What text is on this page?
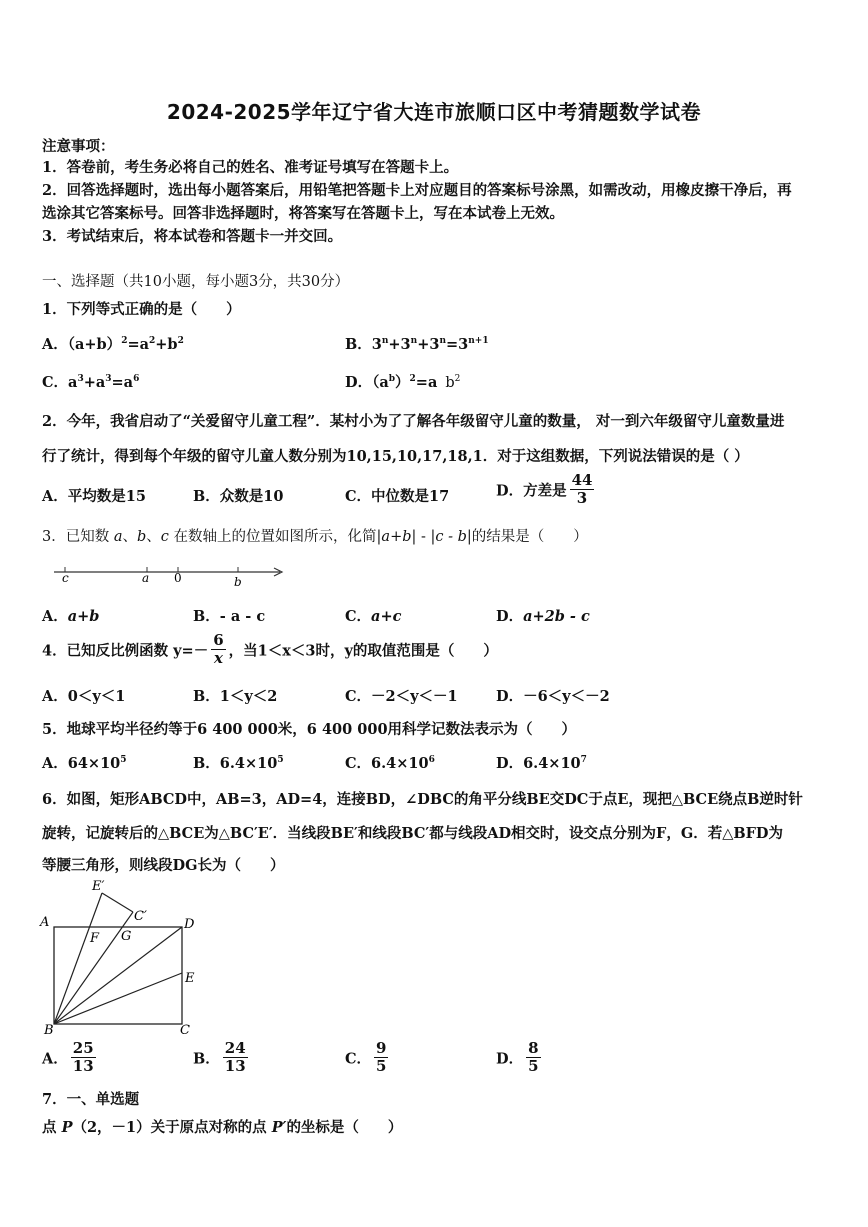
2024-2025学年辽宁省大连市旅顺口区中考猜题数学试卷
注意事项：
1．答卷前，考生务必将自己的姓名、准考证号填写在答题卡上。
2．回答选择题时，选出每小题答案后，用铅笔把答题卡上对应题目的答案标号涂黑，如需改动，用橡皮擦干净后，再
选涂其它答案标号。回答非选择题时，将答案写在答题卡上，写在本试卷上无效。
3．考试结束后，将本试卷和答题卡一并交回。
一、选择题（共10小题，每小题3分，共30分）
1．下列等式正确的是（　　）
A．$(a+b)^2=a^2+b^2$	B．$3^n+3^n+3^n=3^{n+1}$
C．$a^3+a^3=a^6$	D．$(a^b)^2=a$ $b^2$
2．今年，我省启动了“关爱留守儿童工程”．某村小为了了解各年级留守儿童的数量， 对一到六年级留守儿童数量进
行了统计，得到每个年级的留守儿童人数分别为10,15,10,17,18,1．对于这组数据，下列说法错误的是（ ）
A．平均数是15	B．众数是10	C．中位数是17	D．方差是 $\frac{44}{3}$
3．已知数 a、b、c 在数轴上的位置如图所示，化简|a+b| - |c - b|的结果是（　　）
c	a 0	b
A．a+b	B．- a - c	C．a+c	D．a+2b - c
4．已知反比例函数 $y=- \frac{6}{x}$ ，当1＜x＜3时，y的取值范围是（　　）
A．0＜y＜1	B．1＜y＜2	C．－2＜y＜－1	D．－6＜y＜－2
5．地球平均半径约等于6 400 000米，6 400 000用科学记数法表示为（　　）
A．$64\times 10^5$	B．$6.4\times 10^5$	C．$6.4\times 10^6$	D．$6.4\times 10^7$
6．如图，矩形ABCD中，AB=3，AD=4，连接BD，∠DBC的角平分线BE交DC于点E，现把△BCE绕点B逆时针
旋转，记旋转后的△BCE为△BC′E′．当线段BE′和线段BC′都与线段AD相交时，设交点分别为F，G．若△BFD为
等腰三角形，则线段DG长为（　　）
E′
C′
A	D
F G
E
B	C
A． $\frac{25}{13}$	B． $\frac{24}{13}$	C． $\frac{9}{5}$	D． $\frac{8}{5}$
7．一、单选题
点 P（2，－1）关于原点对称的点 P′的坐标是（　　）
